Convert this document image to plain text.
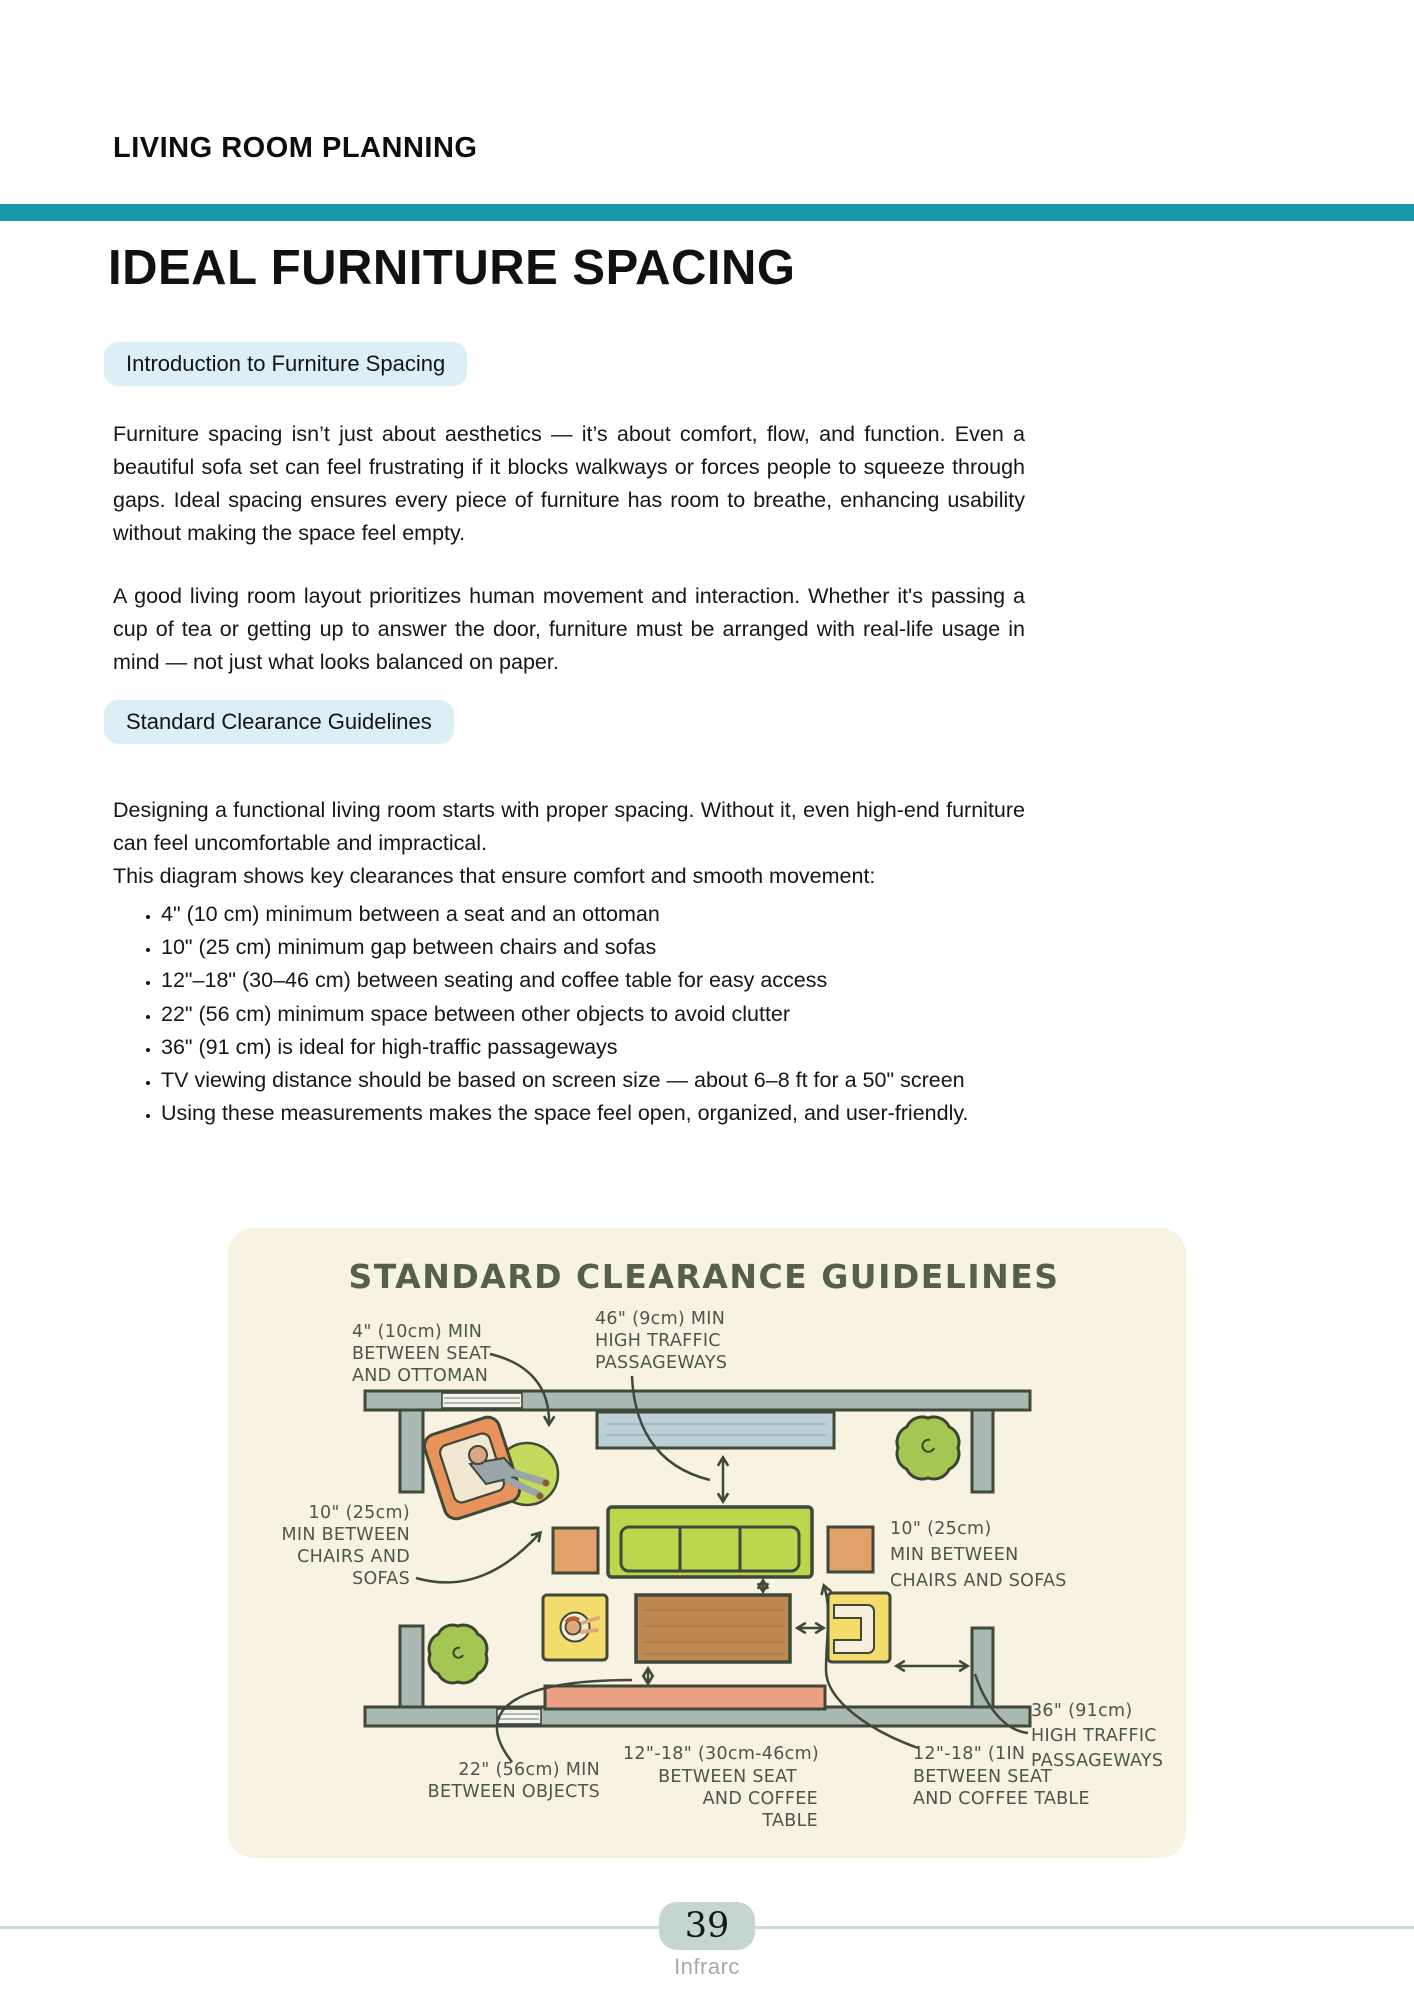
LIVING ROOM PLANNING
IDEAL FURNITURE SPACING
Introduction to Furniture Spacing

Furniture spacing isn’t just about aesthetics — it’s about comfort, flow, and function. Even a beautiful sofa set can feel frustrating if it blocks walkways or forces people to squeeze through gaps. Ideal spacing ensures every piece of furniture has room to breathe, enhancing usability without making the space feel empty.

A good living room layout prioritizes human movement and interaction. Whether it's passing a cup of tea or getting up to answer the door, furniture must be arranged with real-life usage in mind — not just what looks balanced on paper.

Standard Clearance Guidelines

Designing a functional living room starts with proper spacing. Without it, even high-end furniture can feel uncomfortable and impractical.

This diagram shows key clearances that ensure comfort and smooth movement:
• 4" (10 cm) minimum between a seat and an ottoman
• 10" (25 cm) minimum gap between chairs and sofas
• 12"–18" (30–46 cm) between seating and coffee table for easy access
• 22" (56 cm) minimum space between other objects to avoid clutter
• 36" (91 cm) is ideal for high-traffic passageways
• TV viewing distance should be based on screen size — about 6–8 ft for a 50" screen
• Using these measurements makes the space feel open, organized, and user-friendly.
STANDARD CLEARANCE GUIDELINES
4" (10cm) MIN
BETWEEN SEAT
AND OTTOMAN
46" (9cm) MIN
HIGH TRAFFIC
PASSAGEWAYS
10" (25cm)
MIN BETWEEN
CHAIRS AND
SOFAS
10" (25cm)
MIN BETWEEN
CHAIRS AND SOFAS
36" (91cm)
HIGH TRAFFIC
PASSAGEWAYS
22" (56cm) MIN
BETWEEN OBJECTS
12"-18" (30cm-46cm)
BETWEEN SEAT
AND COFFEE
TABLE
12"-18" (1IN
BETWEEN SEAT
AND COFFEE TABLE
39
Infrarc
